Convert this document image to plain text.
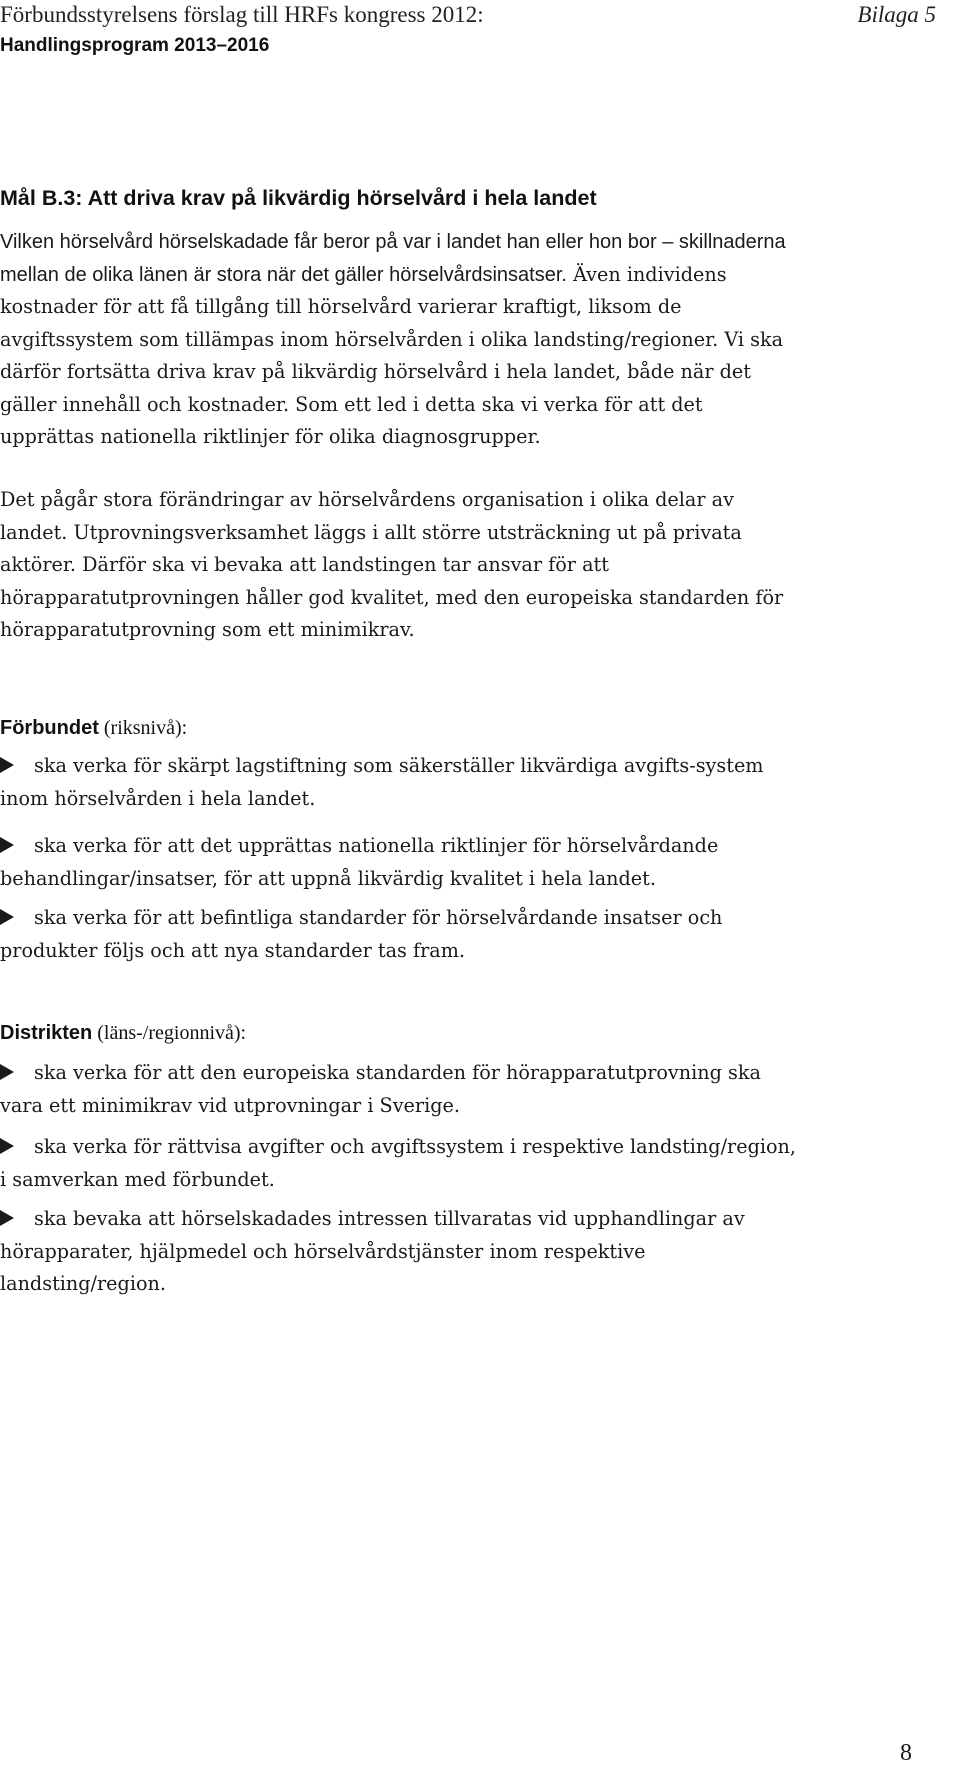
Förbundsstyrelsens förslag till HRFs kongress 2012:	Bilaga 5
Handlingsprogram 2013–2016
Mål B.3: Att driva krav på likvärdig hörselvård i hela landet

Vilken hörselvård hörselskadade får beror på var i landet han eller hon bor – skillnaderna mellan de olika länen är stora när det gäller hörselvårdsinsatser. Även individens kostnader för att få tillgång till hörselvård varierar kraftigt, liksom de avgiftssystem som tillämpas inom hörselvården i olika landsting/regioner. Vi ska därför fortsätta driva krav på likvärdig hörselvård i hela landet, både när det gäller innehåll och kostnader. Som ett led i detta ska vi verka för att det upprättas nationella riktlinjer för olika diagnosgrupper.

Det pågår stora förändringar av hörselvårdens organisation i olika delar av landet. Utprovningsverksamhet läggs i allt större utsträckning ut på privata aktörer. Därför ska vi bevaka att landstingen tar ansvar för att hörapparatutprovningen håller god kvalitet, med den europeiska standarden för hörapparatutprovning som ett minimikrav.

Förbundet (riksnivå):

ska verka för skärpt lagstiftning som säkerställer likvärdiga avgifts-system inom hörselvården i hela landet.

ska verka för att det upprättas nationella riktlinjer för hörselvårdande behandlingar/insatser, för att uppnå likvärdig kvalitet i hela landet.

ska verka för att befintliga standarder för hörselvårdande insatser och produkter följs och att nya standarder tas fram.

Distrikten (läns-/regionnivå):

ska verka för att den europeiska standarden för hörapparatutprovning ska vara ett minimikrav vid utprovningar i Sverige.

ska verka för rättvisa avgifter och avgiftssystem i respektive landsting/region, i samverkan med förbundet.

ska bevaka att hörselskadades intressen tillvaratas vid upphandlingar av hörapparater, hjälpmedel och hörselvårdstjänster inom respektive landsting/region.

8
